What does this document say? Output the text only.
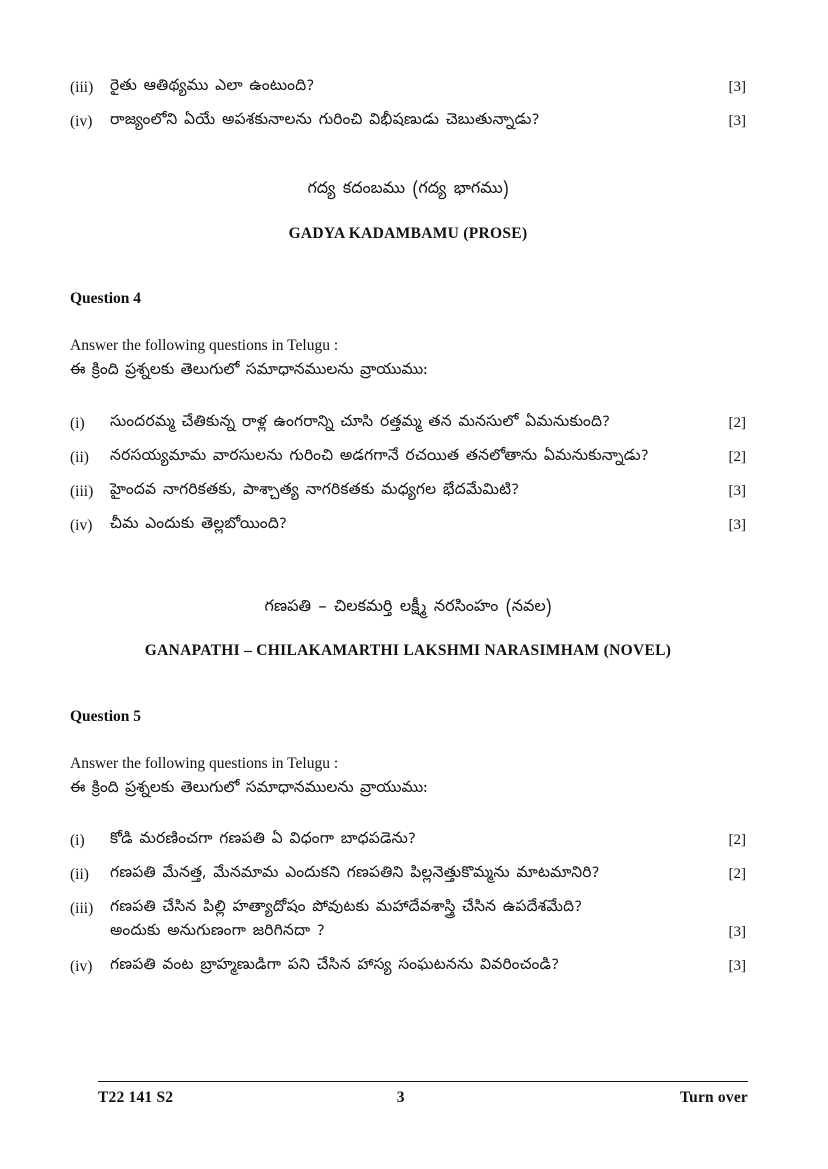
(iii)	రైతు ఆతిథ్యము ఎలా ఉంటుంది?	[3]
(iv)	రాజ్యంలోని ఏయే అపశకునాలను గురించి విభీషణుడు చెబుతున్నాడు?	[3]
గద్య కదంబము (గద్య భాగము)
GADYA KADAMBAMU (PROSE)
Question 4
Answer the following questions in Telugu :
ఈ క్రింది ప్రశ్నలకు తెలుగులో సమాధానములను వ్రాయుము:
(i)	సుందరమ్మ చేతికున్న రాళ్ల ఉంగరాన్ని చూసి రత్తమ్మ తన మనసులో ఏమనుకుంది?	[2]
(ii)	నరసయ్యమామ వారసులను గురించి అడగగానే రచయిత తనలోతాను ఏమనుకున్నాడు?	[2]
(iii)	హైందవ నాగరికతకు, పాశ్చాత్య నాగరికతకు మధ్యగల భేదమేమిటి?	[3]
(iv)	చీమ ఎందుకు తెల్లబోయింది?	[3]
గణపతి – చిలకమర్తి లక్ష్మీ నరసింహం (నవల)
GANAPATHI – CHILAKAMARTHI LAKSHMI NARASIMHAM (NOVEL)
Question 5
Answer the following questions in Telugu :
ఈ క్రింది ప్రశ్నలకు తెలుగులో సమాధానములను వ్రాయుము:
(i)	కోడి మరణించగా గణపతి ఏ విధంగా బాధపడెను?	[2]
(ii)	గణపతి మేనత్త, మేనమామ ఎందుకని గణపతిని పిల్లనెత్తుకొమ్మను మాటమానిరి?	[2]
(iii)	గణపతి చేసిన పిల్లి హత్యాదోషం పోవుటకు మహాదేవశాస్త్రి చేసిన ఉపదేశమేది?
అందుకు అనుగుణంగా జరిగినదా ?	[3]
(iv)	గణపతి వంట బ్రాహ్మణుడిగా పని చేసిన హాస్య సంఘటనను వివరించండి?	[3]
T22 141 S2	3	Turn over
